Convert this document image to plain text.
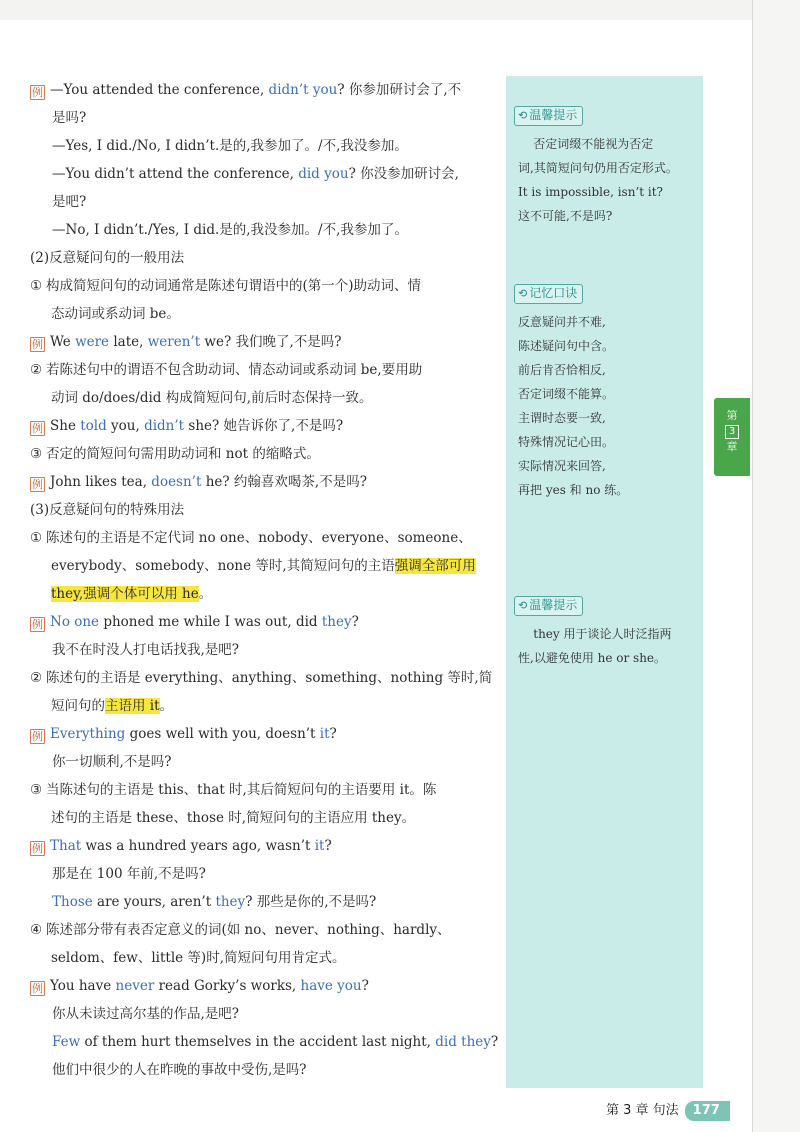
例 —You attended the conference, didn’t you? 你参加研讨会了,不
是吗?
—Yes, I did./No, I didn’t.是的,我参加了。/不,我没参加。
—You didn’t attend the conference, did you? 你没参加研讨会,
是吧?
—No, I didn’t./Yes, I did.是的,我没参加。/不,我参加了。
(2)反意疑问句的一般用法
① 构成简短问句的动词通常是陈述句谓语中的(第一个)助动词、情
态动词或系动词 be。
例 We were late, weren’t we? 我们晚了,不是吗?
② 若陈述句中的谓语不包含助动词、情态动词或系动词 be,要用助
动词 do/does/did 构成简短问句,前后时态保持一致。
例 She told you, didn’t she? 她告诉你了,不是吗?
③ 否定的简短问句需用助动词和 not 的缩略式。
例 John likes tea, doesn’t he? 约翰喜欢喝茶,不是吗?
(3)反意疑问句的特殊用法
① 陈述句的主语是不定代词 no one、nobody、everyone、someone、
everybody、somebody、none 等时,其简短问句的主语强调全部可用
they,强调个体可以用 he。
例 No one phoned me while I was out, did they?
我不在时没人打电话找我,是吧?
② 陈述句的主语是 everything、anything、something、nothing 等时,简
短问句的主语用 it。
例 Everything goes well with you, doesn’t it?
你一切顺利,不是吗?
③ 当陈述句的主语是 this、that 时,其后简短问句的主语要用 it。陈
述句的主语是 these、those 时,简短问句的主语应用 they。
例 That was a hundred years ago, wasn’t it?
那是在 100 年前,不是吗?
Those are yours, aren’t they? 那些是你的,不是吗?
④ 陈述部分带有表否定意义的词(如 no、never、nothing、hardly、
seldom、few、little 等)时,简短问句用肯定式。
例 You have never read Gorky’s works, have you?
你从未读过高尔基的作品,是吧?
Few of them hurt themselves in the accident last night, did they?
他们中很少的人在昨晚的事故中受伤,是吗?
⟲ 温馨提示
否定词缀不能视为否定
词,其简短问句仍用否定形式。
It is impossible, isn’t it?
这不可能,不是吗?
⟲ 记忆口诀
反意疑问并不难,
陈述疑问句中含。
前后肯否恰相反,
否定词缀不能算。
主谓时态要一致,
特殊情况记心田。
实际情况来回答,
再把 yes 和 no 练。
⟲ 温馨提示
they 用于谈论人时泛指两
性,以避免使用 he or she。
第
3
章
第 3 章 句法 177
